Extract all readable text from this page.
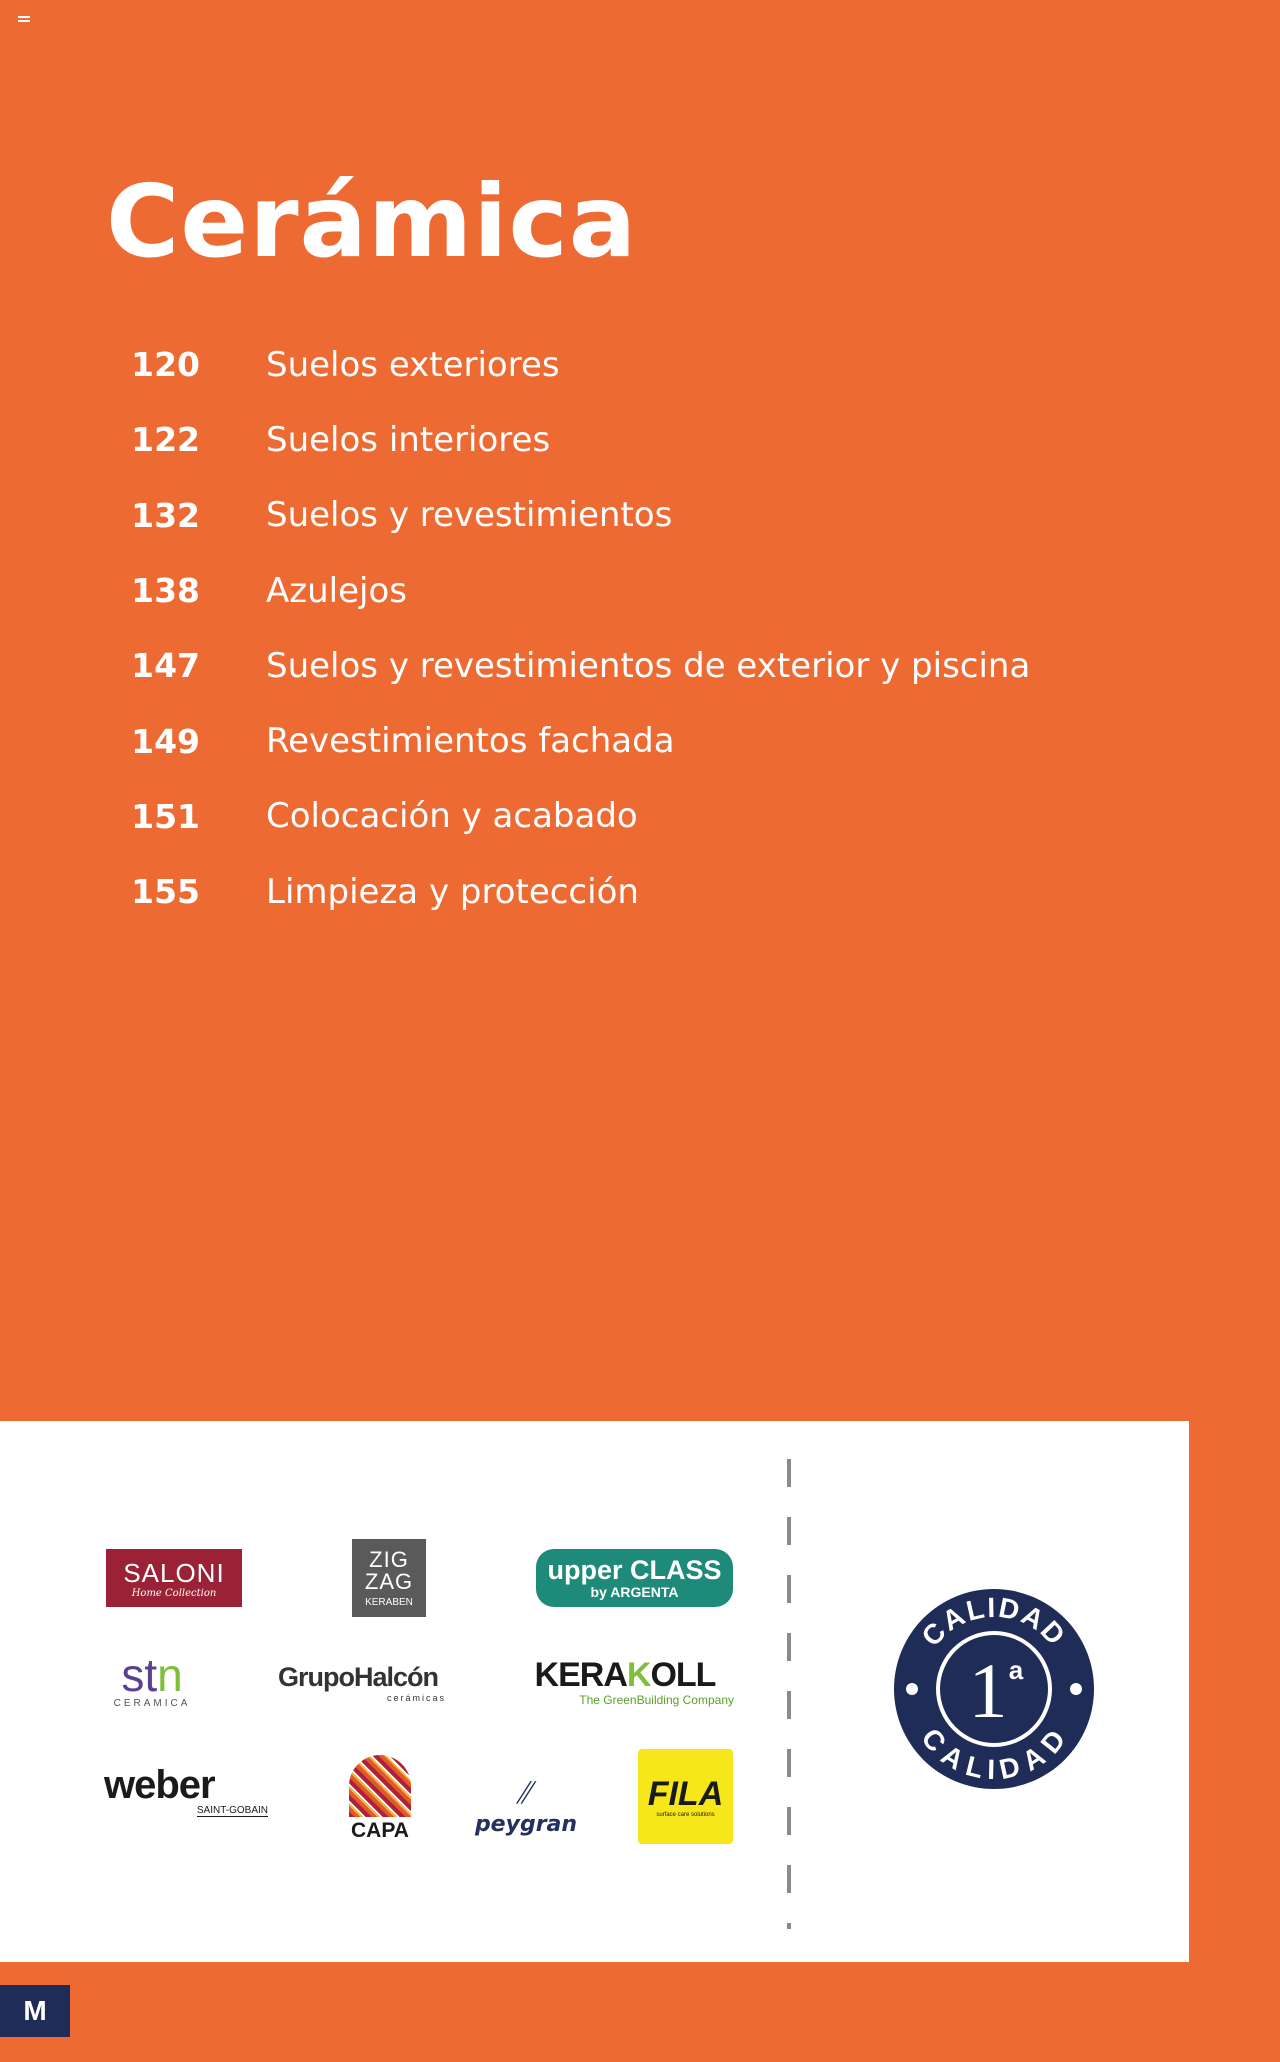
Cerámica
120 Suelos exteriores
122 Suelos interiores
132 Suelos y revestimientos
138 Azulejos
147 Suelos y revestimientos de exterior y piscina
149 Revestimientos fachada
151 Colocación y acabado
155 Limpieza y protección
SALONI
Home Collection
ZIG ZAG
KERABEN
upper CLASS
by ARGENTA
stn
CERAMICA
GrupoHalcón
cerámicas
KERAKOLL
The GreenBuilding Company
weber
SAINT-GOBAIN
CAPA
⫽
peygran
FILA
surface care solutions
CALIDAD
CALIDAD
1 a
M
